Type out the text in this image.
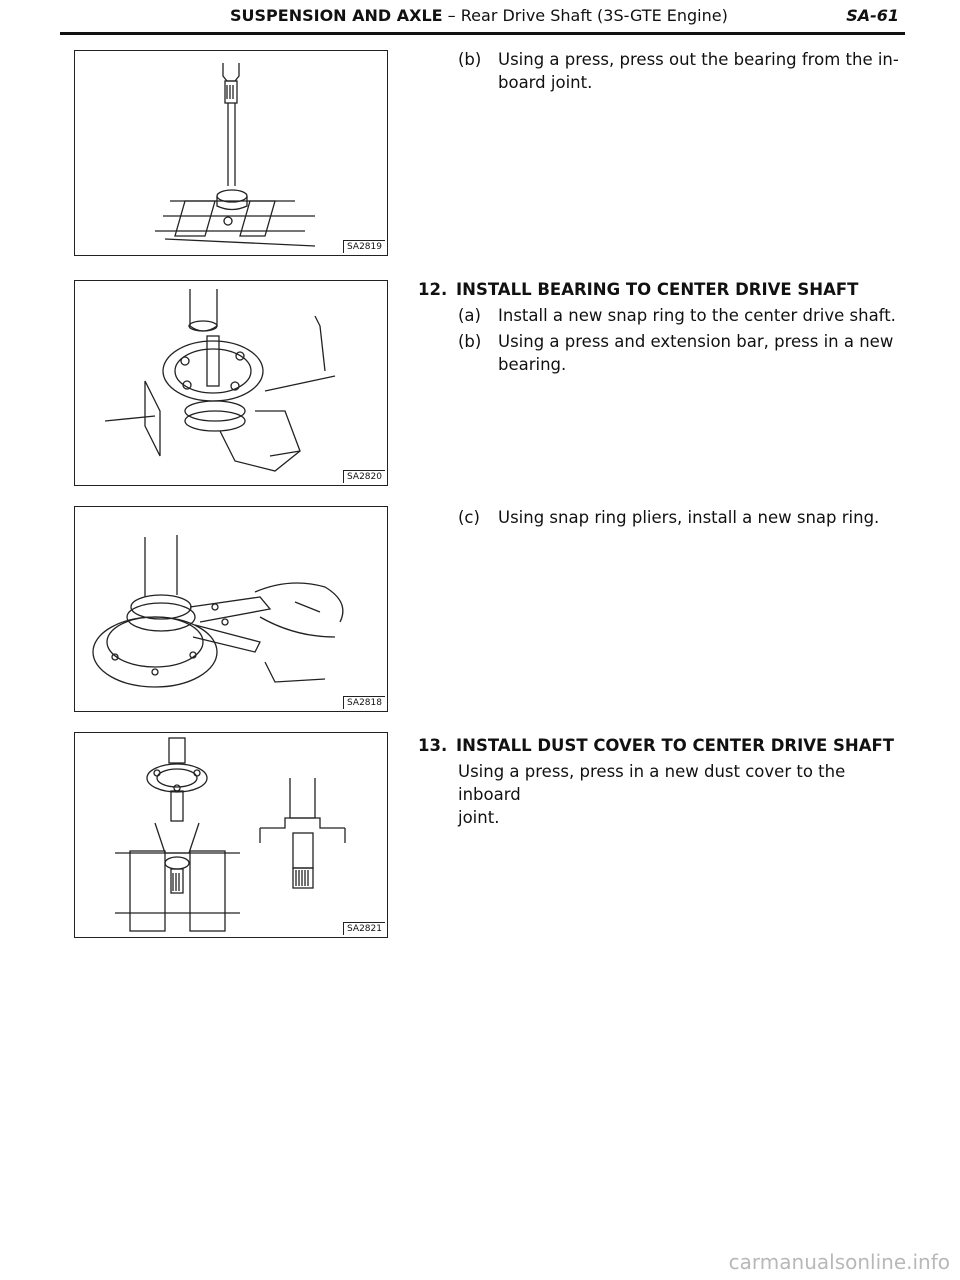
SUSPENSION AND AXLE – Rear Drive Shaft (3S-GTE Engine)	SA-61
SA2819
SA2820
SA2818
SA2821
(b) Using a press, press out the bearing from the in-
board joint.
12. INSTALL BEARING TO CENTER DRIVE SHAFT
(a) Install a new snap ring to the center drive shaft.
(b) Using a press and extension bar, press in a new
bearing.
(c) Using snap ring pliers, install a new snap ring.
13. INSTALL DUST COVER TO CENTER DRIVE SHAFT
Using a press, press in a new dust cover to the inboard
joint.
carmanualsonline.info
